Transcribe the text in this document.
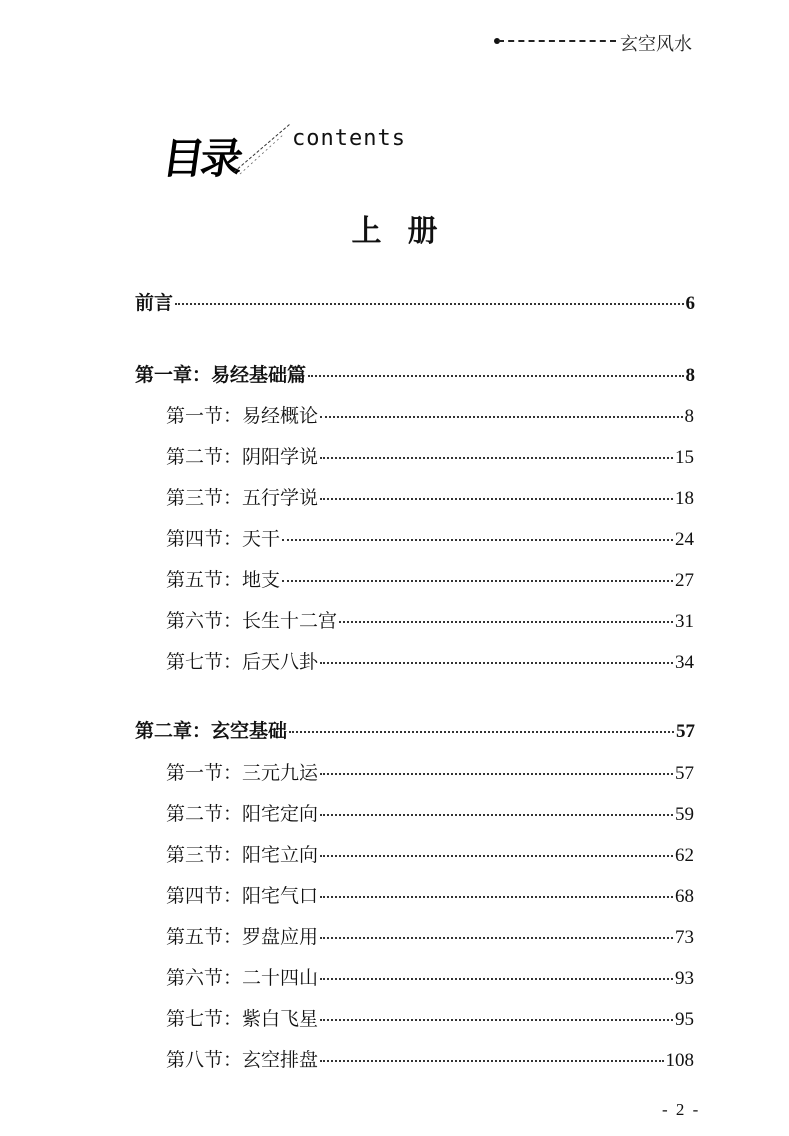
玄空风水
目录 contents
上册
前言	6
第一章：易经基础篇	8
第一节：易经概论	8
第二节：阴阳学说	15
第三节：五行学说	18
第四节：天干	24
第五节：地支	27
第六节：长生十二宫	31
第七节：后天八卦	34
第二章：玄空基础	57
第一节：三元九运	57
第二节：阳宅定向	59
第三节：阳宅立向	62
第四节：阳宅气口	68
第五节：罗盘应用	73
第六节：二十四山	93
第七节：紫白飞星	95
第八节：玄空排盘	108
- 2 -
